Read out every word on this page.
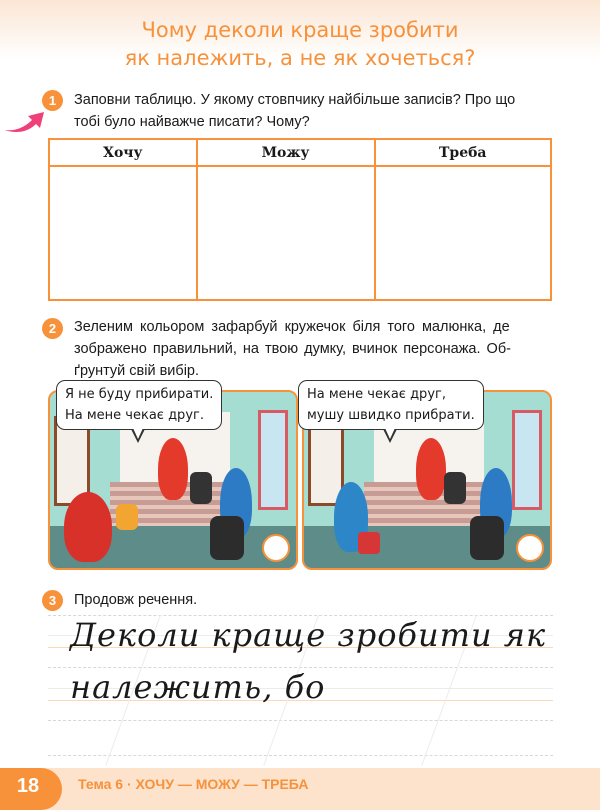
Чому деколи краще зробити
як належить, а не як хочеться?
1	Заповни таблицю. У якому стовпчику найбільше записів? Про що
тобі було найважче писати? Чому?
Хочу	Можу	Треба

2	Зеленим кольором зафарбуй кружечок біля того малюнка, де
зображено правильний, на твою думку, вчинок персонажа. Об-
ґрунтуй свій вибір.
Я не буду прибирати.
На мене чекає друг.
На мене чекає друг,
мушу швидко прибрати.
3	Продовж речення.
Деколи краще зробити як
належить, бо
18	Тема 6 · ХОЧУ — МОЖУ — ТРЕБА
